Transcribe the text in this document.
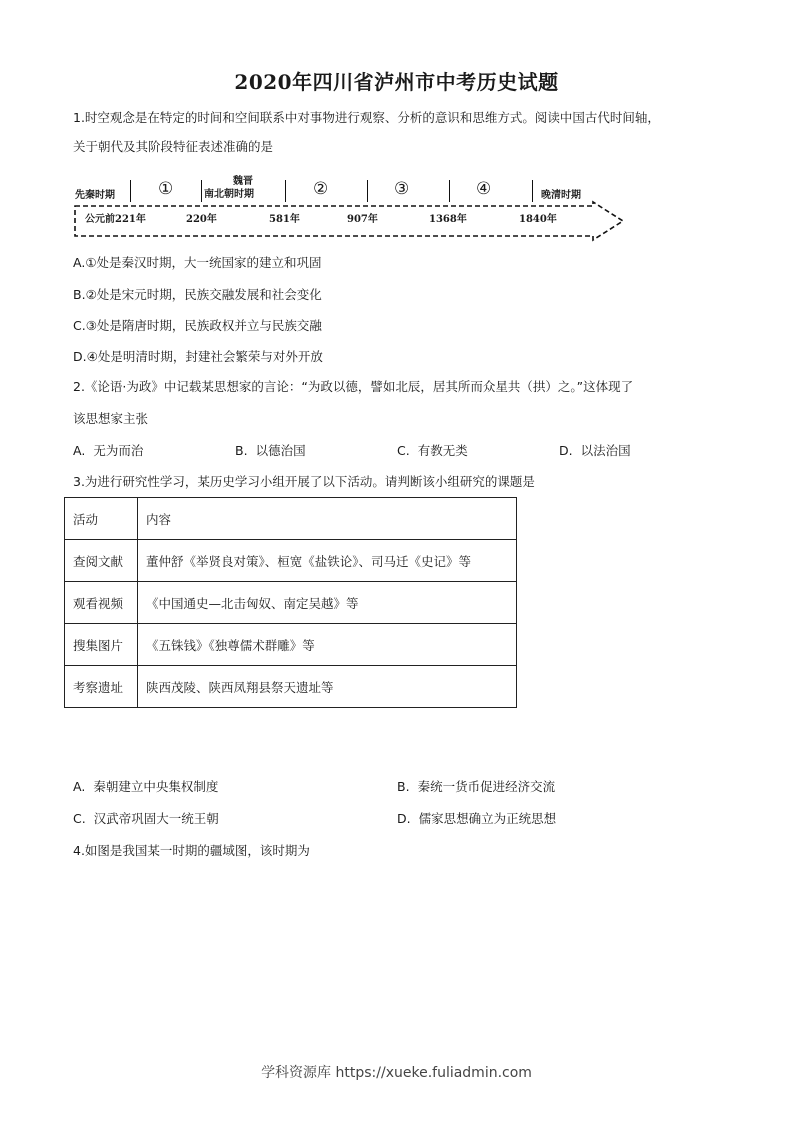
2020年四川省泸州市中考历史试题
1.时空观念是在特定的时间和空间联系中对事物进行观察、分析的意识和思维方式。阅读中国古代时间轴，
关于朝代及其阶段特征表述准确的是
先秦时期
魏晋
南北朝时期	晚清时期
①	②	③	④
公元前221年	220年	581年	907年	1368年	1840年
A.①处是秦汉时期，大一统国家的建立和巩固
B.②处是宋元时期，民族交融发展和社会变化
C.③处是隋唐时期，民族政权并立与民族交融
D.④处是明清时期，封建社会繁荣与对外开放
2.《论语·为政》中记载某思想家的言论：“为政以德，譬如北辰，居其所而众星共（拱）之。”这体现了
该思想家主张
A. 无为而治	B. 以德治国	C. 有教无类	D. 以法治国
3.为进行研究性学习，某历史学习小组开展了以下活动。请判断该小组研究的课题是
活动	内容
查阅文献	董仲舒《举贤良对策》、桓宽《盐铁论》、司马迁《史记》等
观看视频	《中国通史—北击匈奴、南定吴越》等
搜集图片	《五铢钱》《独尊儒术群雕》等
考察遗址	陕西茂陵、陕西凤翔县祭天遗址等
A. 秦朝建立中央集权制度	B. 秦统一货币促进经济交流
C. 汉武帝巩固大一统王朝	D. 儒家思想确立为正统思想
4.如图是我国某一时期的疆域图，该时期为
学科资源库 https://xueke.fuliadmin.com
